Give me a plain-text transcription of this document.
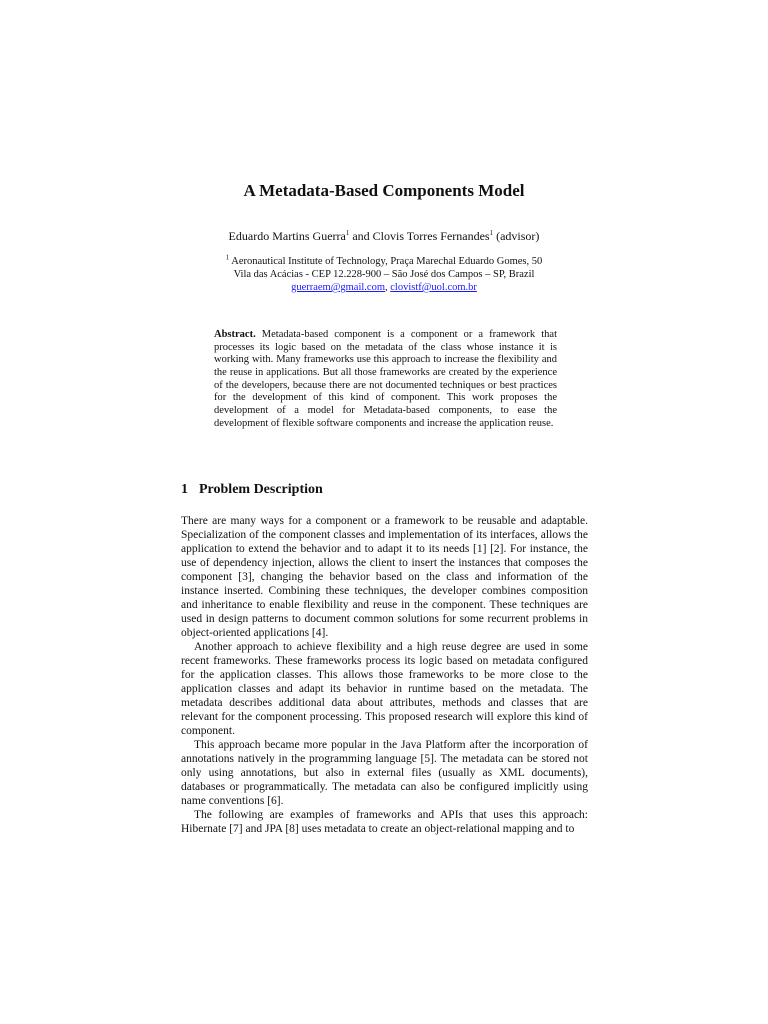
A Metadata-Based Components Model
Eduardo Martins Guerra$^1$ and Clovis Torres Fernandes$^1$ (advisor)
$^1$ Aeronautical Institute of Technology, Praça Marechal Eduardo Gomes, 50
Vila das Acácias - CEP 12.228-900 – São José dos Campos – SP, Brazil
guerraem@gmail.com, clovistf@uol.com.br
Abstract. Metadata-based component is a component or a framework that processes its logic based on the metadata of the class whose instance it is working with. Many frameworks use this approach to increase the flexibility and the reuse in applications. But all those frameworks are created by the experience of the developers, because there are not documented techniques or best practices for the development of this kind of component. This work proposes the development of a model for Metadata-based components, to ease the development of flexible software components and increase the application reuse.
1 Problem Description

There are many ways for a component or a framework to be reusable and adaptable. Specialization of the component classes and implementation of its interfaces, allows the application to extend the behavior and to adapt it to its needs [1] [2]. For instance, the use of dependency injection, allows the client to insert the instances that composes the component [3], changing the behavior based on the class and information of the instance inserted. Combining these techniques, the developer combines composition and inheritance to enable flexibility and reuse in the component. These techniques are used in design patterns to document common solutions for some recurrent problems in object-oriented applications [4].

Another approach to achieve flexibility and a high reuse degree are used in some recent frameworks. These frameworks process its logic based on metadata configured for the application classes. This allows those frameworks to be more close to the application classes and adapt its behavior in runtime based on the metadata. The metadata describes additional data about attributes, methods and classes that are relevant for the component processing. This proposed research will explore this kind of component.

This approach became more popular in the Java Platform after the incorporation of annotations natively in the programming language [5]. The metadata can be stored not only using annotations, but also in external files (usually as XML documents), databases or programmatically. The metadata can also be configured implicitly using name conventions [6].

The following are examples of frameworks and APIs that uses this approach: Hibernate [7] and JPA [8] uses metadata to create an object-relational mapping and to
